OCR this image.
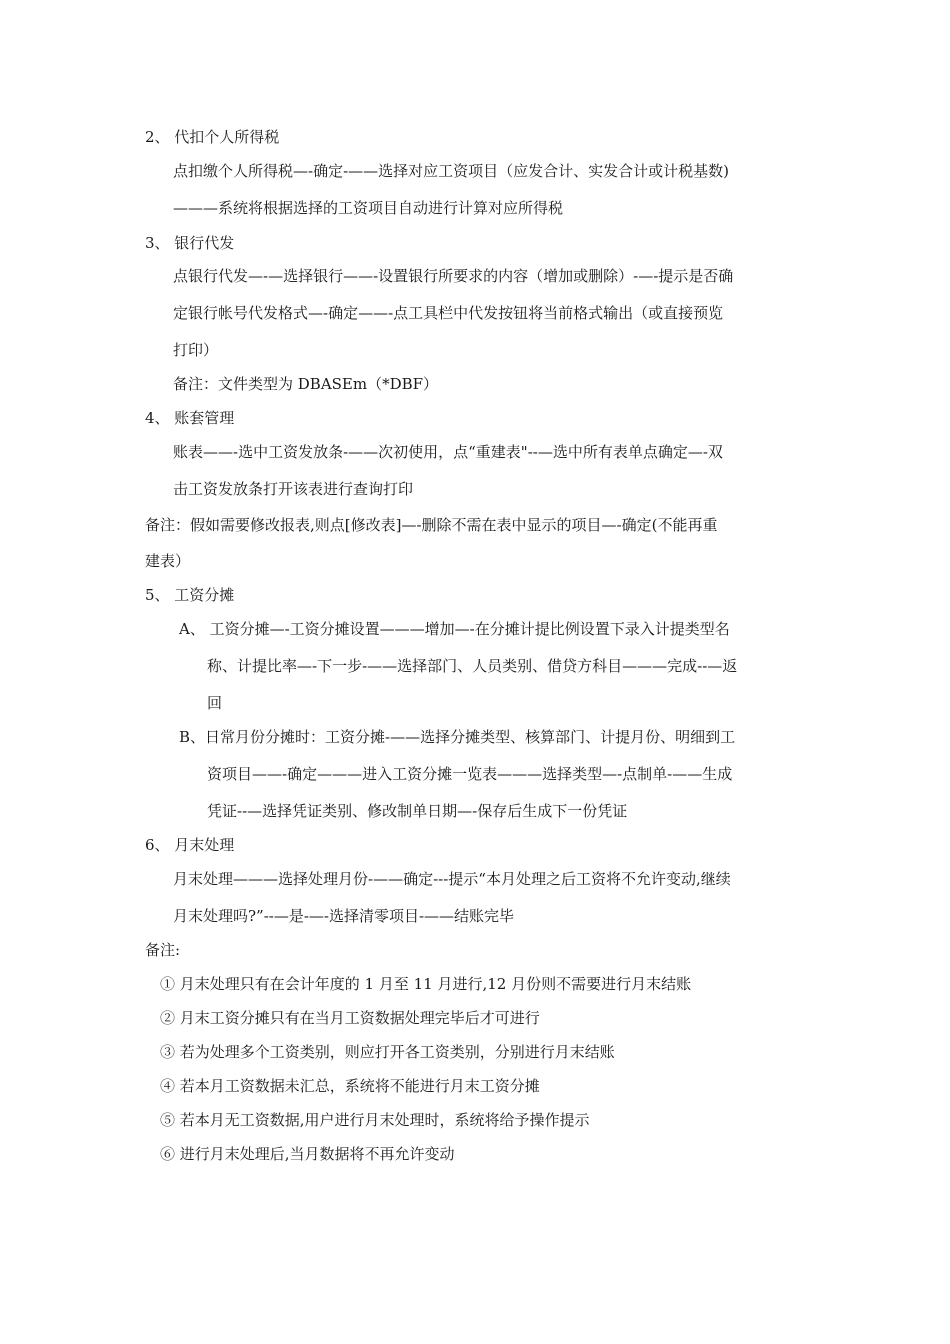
2、 代扣个人所得税
点扣缴个人所得税—-确定-——选择对应工资项目（应发合计、实发合计或计税基数)
———系统将根据选择的工资项目自动进行计算对应所得税
3、 银行代发
点银行代发—-—选择银行——-设置银行所要求的内容（增加或删除）-—-提示是否确
定银行帐号代发格式—-确定——-点工具栏中代发按钮将当前格式输出（或直接预览
打印）
备注：文件类型为 DBASEm（*DBF）
4、 账套管理
账表——-选中工资发放条-——次初使用，点“重建表"--—选中所有表单点确定—-双
击工资发放条打开该表进行查询打印
备注：假如需要修改报表,则点[修改表]—-删除不需在表中显示的项目—-确定(不能再重
建表）
5、 工资分摊
A、 工资分摊—-工资分摊设置———增加—-在分摊计提比例设置下录入计提类型名
称、计提比率—-下一步-——选择部门、人员类别、借贷方科目———完成--—返
回
B、日常月份分摊时：工资分摊-——选择分摊类型、核算部门、计提月份、明细到工
资项目——-确定———进入工资分摊一览表———选择类型—-点制单-——生成
凭证--—选择凭证类别、修改制单日期—-保存后生成下一份凭证
6、 月末处理
月末处理———选择处理月份-——确定---提示“本月处理之后工资将不允许变动,继续
月末处理吗?”--—是-—-选择清零项目-——结账完毕
备注:
① 月末处理只有在会计年度的 1 月至 11 月进行,12 月份则不需要进行月末结账
② 月末工资分摊只有在当月工资数据处理完毕后才可进行
③ 若为处理多个工资类别，则应打开各工资类别，分别进行月末结账
④ 若本月工资数据未汇总，系统将不能进行月末工资分摊
⑤ 若本月无工资数据,用户进行月末处理时，系统将给予操作提示
⑥ 进行月末处理后,当月数据将不再允许变动
